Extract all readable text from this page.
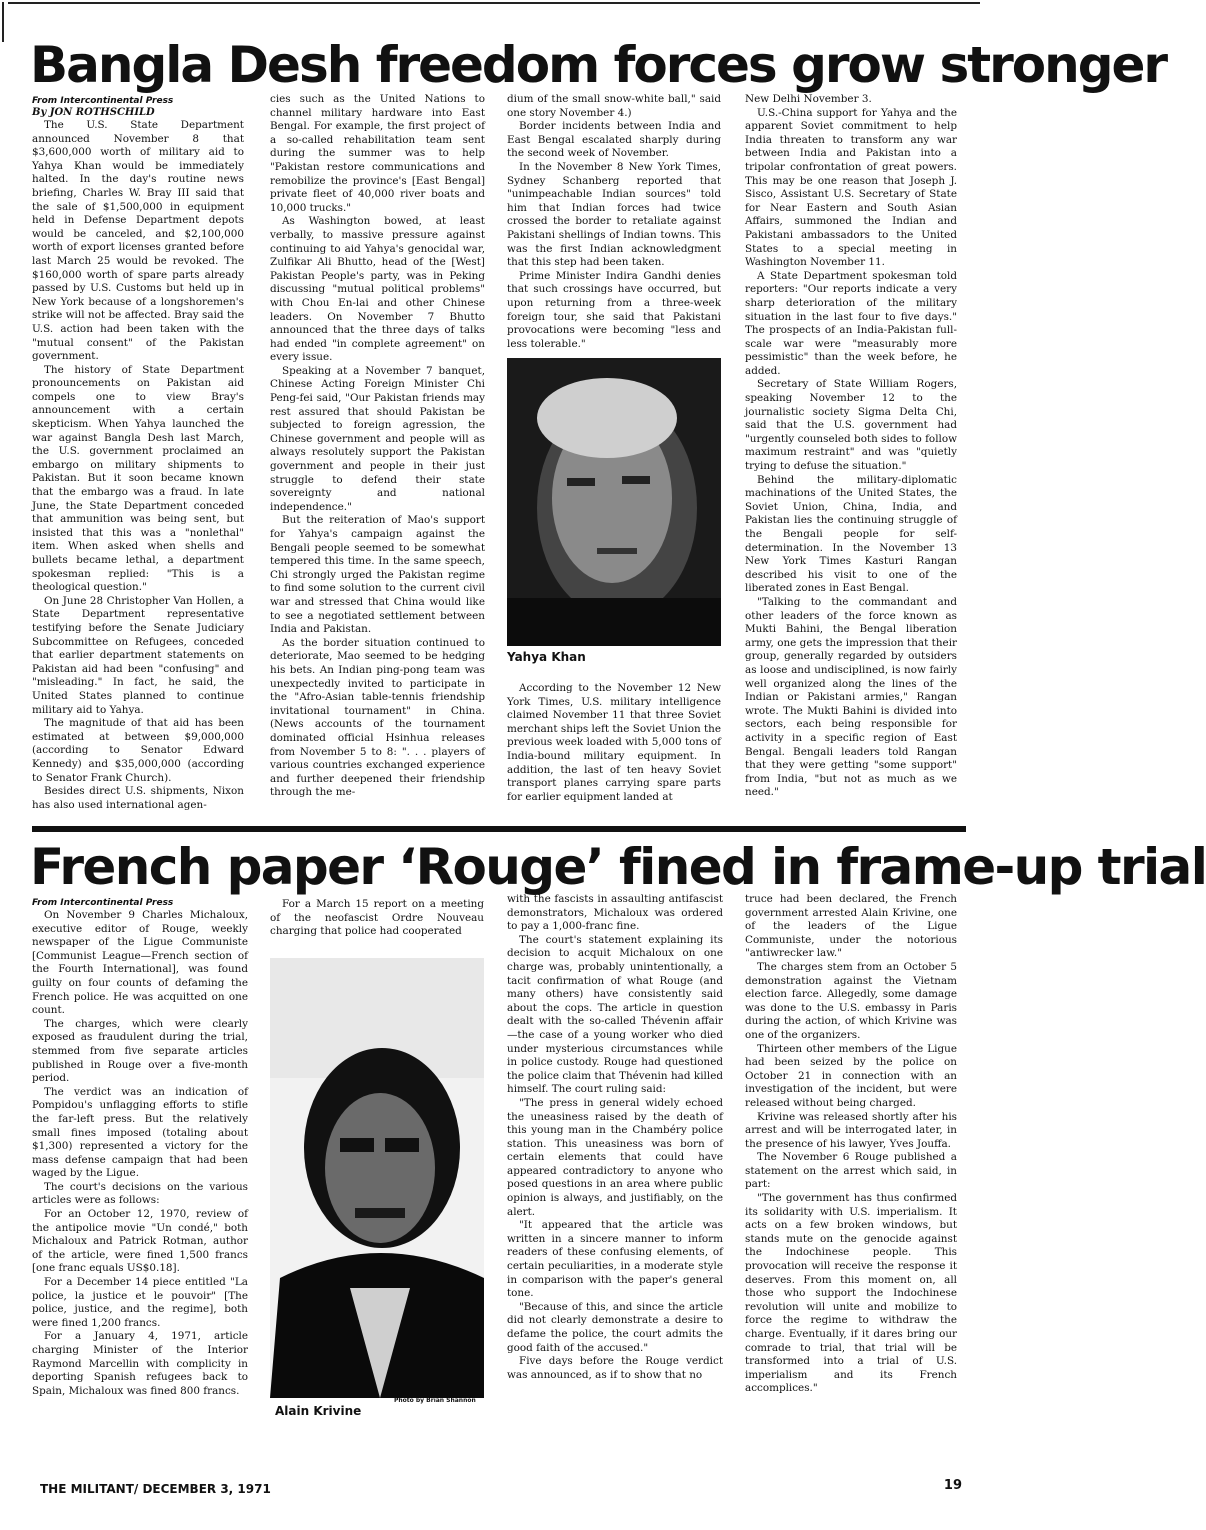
Bangla Desh freedom forces grow stronger
From Intercontinental Press
By JON ROTHSCHILD

The U.S. State Department announced November 8 that $3,600,000 worth of military aid to Yahya Khan would be immediately halted. In the day's routine news briefing, Charles W. Bray III said that the sale of $1,500,000 in equipment held in Defense Department depots would be canceled, and $2,100,000 worth of export licenses granted before last March 25 would be revoked. The $160,000 worth of spare parts already passed by U.S. Customs but held up in New York because of a longshoremen's strike will not be affected. Bray said the U.S. action had been taken with the "mutual consent" of the Pakistan government.

The history of State Department pronouncements on Pakistan aid compels one to view Bray's announcement with a certain skepticism. When Yahya launched the war against Bangla Desh last March, the U.S. government proclaimed an embargo on military shipments to Pakistan. But it soon became known that the embargo was a fraud. In late June, the State Department conceded that ammunition was being sent, but insisted that this was a "nonlethal" item. When asked when shells and bullets became lethal, a department spokesman replied: "This is a theological question."

On June 28 Christopher Van Hollen, a State Department representative testifying before the Senate Judiciary Subcommittee on Refugees, conceded that earlier department statements on Pakistan aid had been "confusing" and "misleading." In fact, he said, the United States planned to continue military aid to Yahya.

The magnitude of that aid has been estimated at between $9,000,000 (according to Senator Edward Kennedy) and $35,000,000 (according to Senator Frank Church).

Besides direct U.S. shipments, Nixon has also used international agen-

cies such as the United Nations to channel military hardware into East Bengal. For example, the first project of a so-called rehabilitation team sent during the summer was to help "Pakistan restore communications and remobilize the province's [East Bengal] private fleet of 40,000 river boats and 10,000 trucks."

As Washington bowed, at least verbally, to massive pressure against continuing to aid Yahya's genocidal war, Zulfikar Ali Bhutto, head of the [West] Pakistan People's party, was in Peking discussing "mutual political problems" with Chou En-lai and other Chinese leaders. On November 7 Bhutto announced that the three days of talks had ended "in complete agreement" on every issue.

Speaking at a November 7 banquet, Chinese Acting Foreign Minister Chi Peng-fei said, "Our Pakistan friends may rest assured that should Pakistan be subjected to foreign agression, the Chinese government and people will as always resolutely support the Pakistan government and people in their just struggle to defend their state sovereignty and national independence."

But the reiteration of Mao's support for Yahya's campaign against the Bengali people seemed to be somewhat tempered this time. In the same speech, Chi strongly urged the Pakistan regime to find some solution to the current civil war and stressed that China would like to see a negotiated settlement between India and Pakistan.

As the border situation continued to deteriorate, Mao seemed to be hedging his bets. An Indian ping-pong team was unexpectedly invited to participate in the "Afro-Asian table-tennis friendship invitational tournament" in China. (News accounts of the tournament dominated official Hsinhua releases from November 5 to 8: ". . . players of various countries exchanged experience and further deepened their friendship through the me-

dium of the small snow-white ball," said one story November 4.)

Border incidents between India and East Bengal escalated sharply during the second week of November.

In the November 8 New York Times, Sydney Schanberg reported that "unimpeachable Indian sources" told him that Indian forces had twice crossed the border to retaliate against Pakistani shellings of Indian towns. This was the first Indian acknowledgment that this step had been taken.

Prime Minister Indira Gandhi denies that such crossings have occurred, but upon returning from a three-week foreign tour, she said that Pakistani provocations were becoming "less and less tolerable."

Yahya Khan

According to the November 12 New York Times, U.S. military intelligence claimed November 11 that three Soviet merchant ships left the Soviet Union the previous week loaded with 5,000 tons of India-bound military equipment. In addition, the last of ten heavy Soviet transport planes carrying spare parts for earlier equipment landed at

New Delhi November 3.

U.S.-China support for Yahya and the apparent Soviet commitment to help India threaten to transform any war between India and Pakistan into a tripolar confrontation of great powers. This may be one reason that Joseph J. Sisco, Assistant U.S. Secretary of State for Near Eastern and South Asian Affairs, summoned the Indian and Pakistani ambassadors to the United States to a special meeting in Washington November 11.

A State Department spokesman told reporters: "Our reports indicate a very sharp deterioration of the military situation in the last four to five days." The prospects of an India-Pakistan full-scale war were "measurably more pessimistic" than the week before, he added.

Secretary of State William Rogers, speaking November 12 to the journalistic society Sigma Delta Chi, said that the U.S. government had "urgently counseled both sides to follow maximum restraint" and was "quietly trying to defuse the situation."

Behind the military-diplomatic machinations of the United States, the Soviet Union, China, India, and Pakistan lies the continuing struggle of the Bengali people for self-determination. In the November 13 New York Times Kasturi Rangan described his visit to one of the liberated zones in East Bengal.

"Talking to the commandant and other leaders of the force known as Mukti Bahini, the Bengal liberation army, one gets the impression that their group, generally regarded by outsiders as loose and undisciplined, is now fairly well organized along the lines of the Indian or Pakistani armies," Rangan wrote. The Mukti Bahini is divided into sectors, each being responsible for activity in a specific region of East Bengal. Bengali leaders told Rangan that they were getting "some support" from India, "but not as much as we need."

French paper ‘Rouge’ fined in frame-up trial
From Intercontinental Press

On November 9 Charles Michaloux, executive editor of Rouge, weekly newspaper of the Ligue Communiste [Communist League—French section of the Fourth International], was found guilty on four counts of defaming the French police. He was acquitted on one count.

The charges, which were clearly exposed as fraudulent during the trial, stemmed from five separate articles published in Rouge over a five-month period.

The verdict was an indication of Pompidou's unflagging efforts to stifle the far-left press. But the relatively small fines imposed (totaling about $1,300) represented a victory for the mass defense campaign that had been waged by the Ligue.

The court's decisions on the various articles were as follows:

For an October 12, 1970, review of the antipolice movie "Un condé," both Michaloux and Patrick Rotman, author of the article, were fined 1,500 francs [one franc equals US$0.18].

For a December 14 piece entitled "La police, la justice et le pouvoir" [The police, justice, and the regime], both were fined 1,200 francs.

For a January 4, 1971, article charging Minister of the Interior Raymond Marcellin with complicity in deporting Spanish refugees back to Spain, Michaloux was fined 800 francs.

For a March 15 report on a meeting of the neofascist Ordre Nouveau charging that police had cooperated

Alain Krivine
Photo by Brian Shannon

with the fascists in assaulting antifascist demonstrators, Michaloux was ordered to pay a 1,000-franc fine.

The court's statement explaining its decision to acquit Michaloux on one charge was, probably unintentionally, a tacit confirmation of what Rouge (and many others) have consistently said about the cops. The article in question dealt with the so-called Thévenin affair—the case of a young worker who died under mysterious circumstances while in police custody. Rouge had questioned the police claim that Thévenin had killed himself. The court ruling said:

"The press in general widely echoed the uneasiness raised by the death of this young man in the Chambéry police station. This uneasiness was born of certain elements that could have appeared contradictory to anyone who posed questions in an area where public opinion is always, and justifiably, on the alert.

"It appeared that the article was written in a sincere manner to inform readers of these confusing elements, of certain peculiarities, in a moderate style in comparison with the paper's general tone.

"Because of this, and since the article did not clearly demonstrate a desire to defame the police, the court admits the good faith of the accused."

Five days before the Rouge verdict was announced, as if to show that no

truce had been declared, the French government arrested Alain Krivine, one of the leaders of the Ligue Communiste, under the notorious "antiwrecker law."

The charges stem from an October 5 demonstration against the Vietnam election farce. Allegedly, some damage was done to the U.S. embassy in Paris during the action, of which Krivine was one of the organizers.

Thirteen other members of the Ligue had been seized by the police on October 21 in connection with an investigation of the incident, but were released without being charged.

Krivine was released shortly after his arrest and will be interrogated later, in the presence of his lawyer, Yves Jouffa.

The November 6 Rouge published a statement on the arrest which said, in part:

"The government has thus confirmed its solidarity with U.S. imperialism. It acts on a few broken windows, but stands mute on the genocide against the Indochinese people. This provocation will receive the response it deserves. From this moment on, all those who support the Indochinese revolution will unite and mobilize to force the regime to withdraw the charge. Eventually, if it dares bring our comrade to trial, that trial will be transformed into a trial of U.S. imperialism and its French accomplices."

THE MILITANT/ DECEMBER 3, 1971	19
